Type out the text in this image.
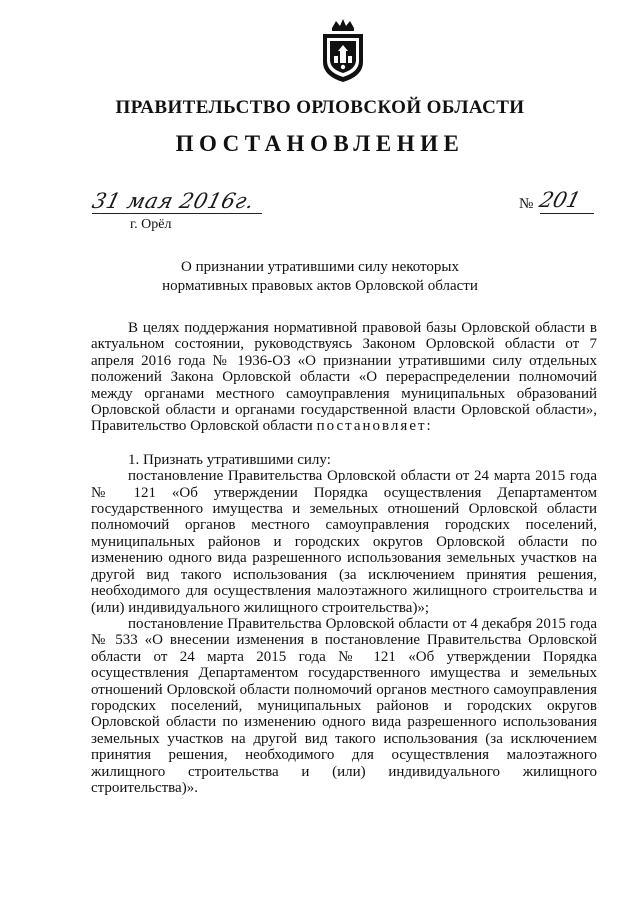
ПРАВИТЕЛЬСТВО ОРЛОВСКОЙ ОБЛАСТИ
ПОСТАНОВЛЕНИЕ
31 мая 2016г.
г. Орёл
№ 201
О признании утратившими силу некоторых
нормативных правовых актов Орловской области

В целях поддержания нормативной правовой базы Орловской области в актуальном состоянии, руководствуясь Законом Орловской области от 7 апреля 2016 года № 1936-ОЗ «О признании утратившими силу отдельных положений Закона Орловской области «О перераспределении полномочий между органами местного самоуправления муниципальных образований Орловской области и органами государственной власти Орловской области», Правительство Орловской области постановляет:

1. Признать утратившими силу:

постановление Правительства Орловской области от 24 марта 2015 года № 121 «Об утверждении Порядка осуществления Департаментом государственного имущества и земельных отношений Орловской области полномочий органов местного самоуправления городских поселений, муниципальных районов и городских округов Орловской области по изменению одного вида разрешенного использования земельных участков на другой вид такого использования (за исключением принятия решения, необходимого для осуществления малоэтажного жилищного строительства и (или) индивидуального жилищного строительства)»;

постановление Правительства Орловской области от 4 декабря 2015 года № 533 «О внесении изменения в постановление Правительства Орловской области от 24 марта 2015 года № 121 «Об утверждении Порядка осуществления Департаментом государственного имущества и земельных отношений Орловской области полномочий органов местного самоуправления городских поселений, муниципальных районов и городских округов Орловской области по изменению одного вида разрешенного использования земельных участков на другой вид такого использования (за исключением принятия решения, необходимого для осуществления малоэтажного жилищного строительства и (или) индивидуального жилищного строительства)».
